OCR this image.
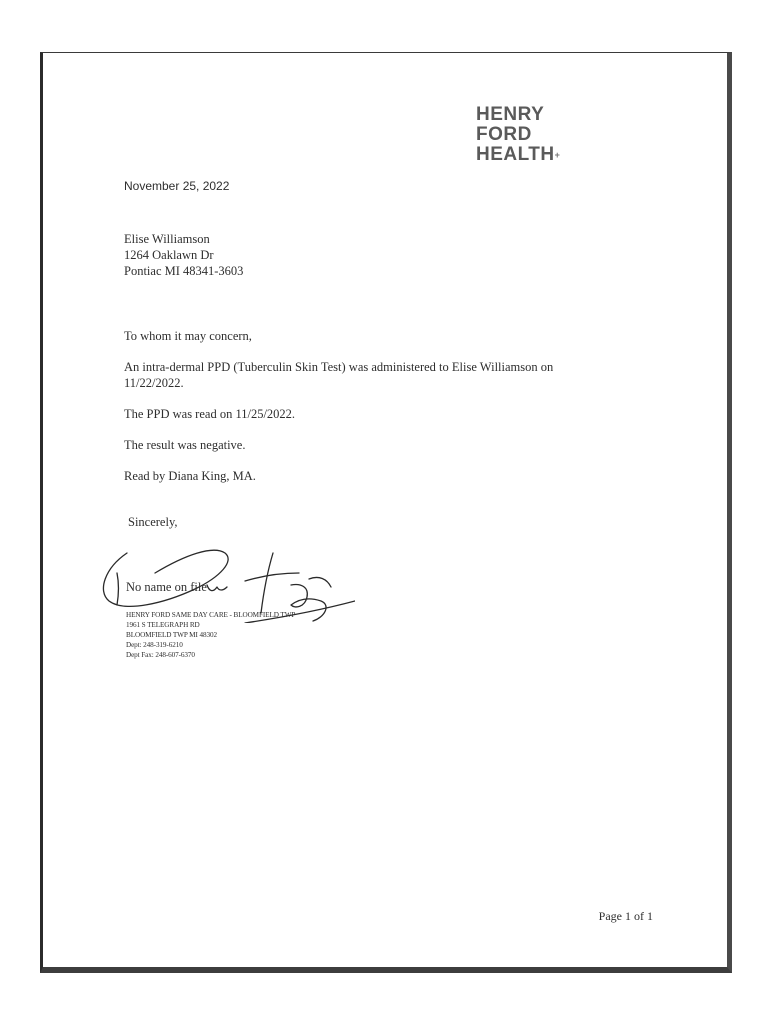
HENRY
FORD
HEALTH+
November 25, 2022
Elise Williamson
1264 Oaklawn Dr
Pontiac MI 48341-3603

To whom it may concern,

An intra-dermal PPD (Tuberculin Skin Test) was administered to Elise Williamson on 11/22/2022.

The PPD was read on 11/25/2022.

The result was negative.

Read by Diana King, MA.

Sincerely,
No name on file
HENRY FORD SAME DAY CARE - BLOOMFIELD TWP
1961 S TELEGRAPH RD
BLOOMFIELD TWP MI 48302
Dept: 248-319-6210
Dept Fax: 248-607-6370
Page 1 of 1
